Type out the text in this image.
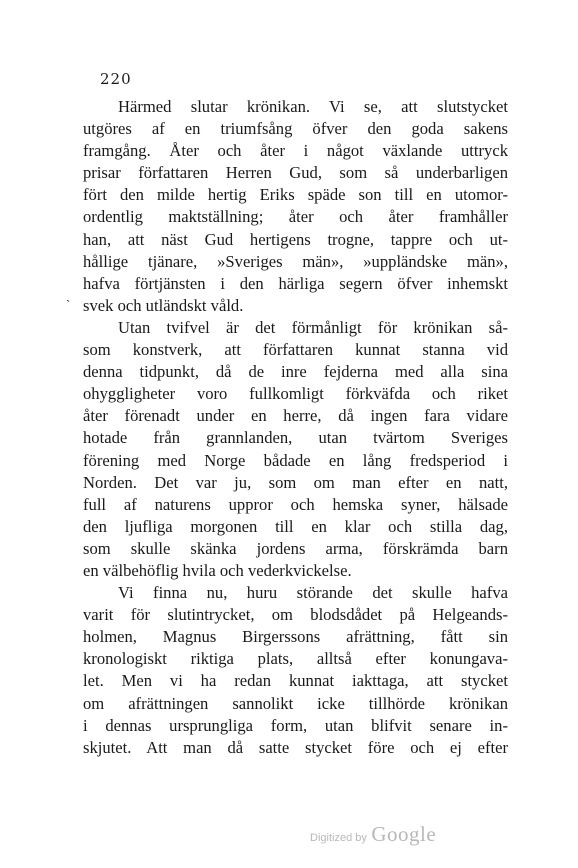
220
`
Härmed slutar krönikan. Vi se, att slutstycket
utgöres af en triumfsång öfver den goda sakens
framgång. Åter och åter i något växlande uttryck
prisar författaren Herren Gud, som så underbarligen
fört den milde hertig Eriks späde son till en utomor-
ordentlig maktställning; åter och åter framhåller
han, att näst Gud hertigens trogne, tappre och ut-
hållige tjänare, »Sveriges män», »uppländske män»,
hafva förtjänsten i den härliga segern öfver inhemskt
svek och utländskt våld.
Utan tvifvel är det förmånligt för krönikan så-
som konstverk, att författaren kunnat stanna vid
denna tidpunkt, då de inre fejderna med alla sina
ohyggligheter voro fullkomligt förkväfda och riket
åter förenadt under en herre, då ingen fara vidare
hotade från grannlanden, utan tvärtom Sveriges
förening med Norge bådade en lång fredsperiod i
Norden. Det var ju, som om man efter en natt,
full af naturens uppror och hemska syner, hälsade
den ljufliga morgonen till en klar och stilla dag,
som skulle skänka jordens arma, förskrämda barn
en välbehöflig hvila och vederkvickelse.
Vi finna nu, huru störande det skulle hafva
varit för slutintrycket, om blodsdådet på Helgeands-
holmen, Magnus Birgerssons afrättning, fått sin
kronologiskt riktiga plats, alltså efter konungava-
let. Men vi ha redan kunnat iakttaga, att stycket
om afrättningen sannolikt icke tillhörde krönikan
i dennas ursprungliga form, utan blifvit senare in-
skjutet. Att man då satte stycket före och ej efter
Digitized by Google
